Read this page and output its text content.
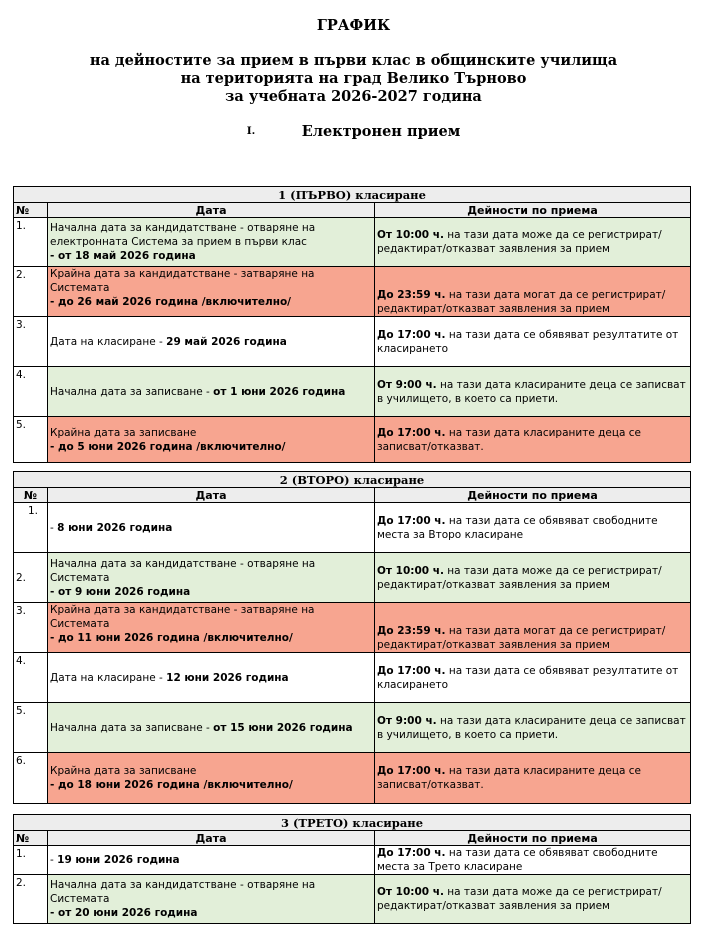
ГРАФИК

на дейностите за прием в първи клас в общинските училища
на територията на град Велико Търново
за учебната 2026-2027 година

I.	Електронен прием

1 (ПЪРВО) класиране		
№	Дата	Дейности по приема
1.	Начална дата за кандидатстване - отваряне на електронната Система за прием в първи клас
- от 18 май 2026 година	От 10:00 ч. на тази дата може да се регистрират/редактират/отказват заявления за прием
2.	Крайна дата за кандидатстване - затваряне на Системата
- до 26 май 2026 година /включително/	До 23:59 ч. на тази дата могат да се регистрират/редактират/отказват заявления за прием
3.	Дата на класиране - 29 май 2026 година	До 17:00 ч. на тази дата се обявяват резултатите от класирането
4.	Начална дата за записване - от 1 юни 2026 година	От 9:00 ч. на тази дата класираните деца се записват в училището, в което са приети.
5.	Крайна дата за записване
- до 5 юни 2026 година /включително/	До 17:00 ч. на тази дата класираните деца се записват/отказват.
2 (ВТОРО) класиране		
№	Дата	Дейности по приема
1.	- 8 юни 2026 година	До 17:00 ч. на тази дата се обявяват свободните места за Второ класиране
2.	Начална дата за кандидатстване - отваряне на Системата
- от 9 юни 2026 година	От 10:00 ч. на тази дата може да се регистрират/редактират/отказват заявления за прием
3.	Крайна дата за кандидатстване - затваряне на Системата
- до 11 юни 2026 година /включително/	До 23:59 ч. на тази дата могат да се регистрират/редактират/отказват заявления за прием
4.	Дата на класиране - 12 юни 2026 година	До 17:00 ч. на тази дата се обявяват резултатите от класирането
5.	Начална дата за записване - от 15 юни 2026 година	От 9:00 ч. на тази дата класираните деца се записват в училището, в което са приети.
6.	Крайна дата за записване
- до 18 юни 2026 година /включително/	До 17:00 ч. на тази дата класираните деца се записват/отказват.
3 (ТРЕТО) класиране		
№	Дата	Дейности по приема
1.	- 19 юни 2026 година	До 17:00 ч. на тази дата се обявяват свободните места за Трето класиране
2.	Начална дата за кандидатстване - отваряне на Системата
- от 20 юни 2026 година	От 10:00 ч. на тази дата може да се регистрират/редактират/отказват заявления за прием
